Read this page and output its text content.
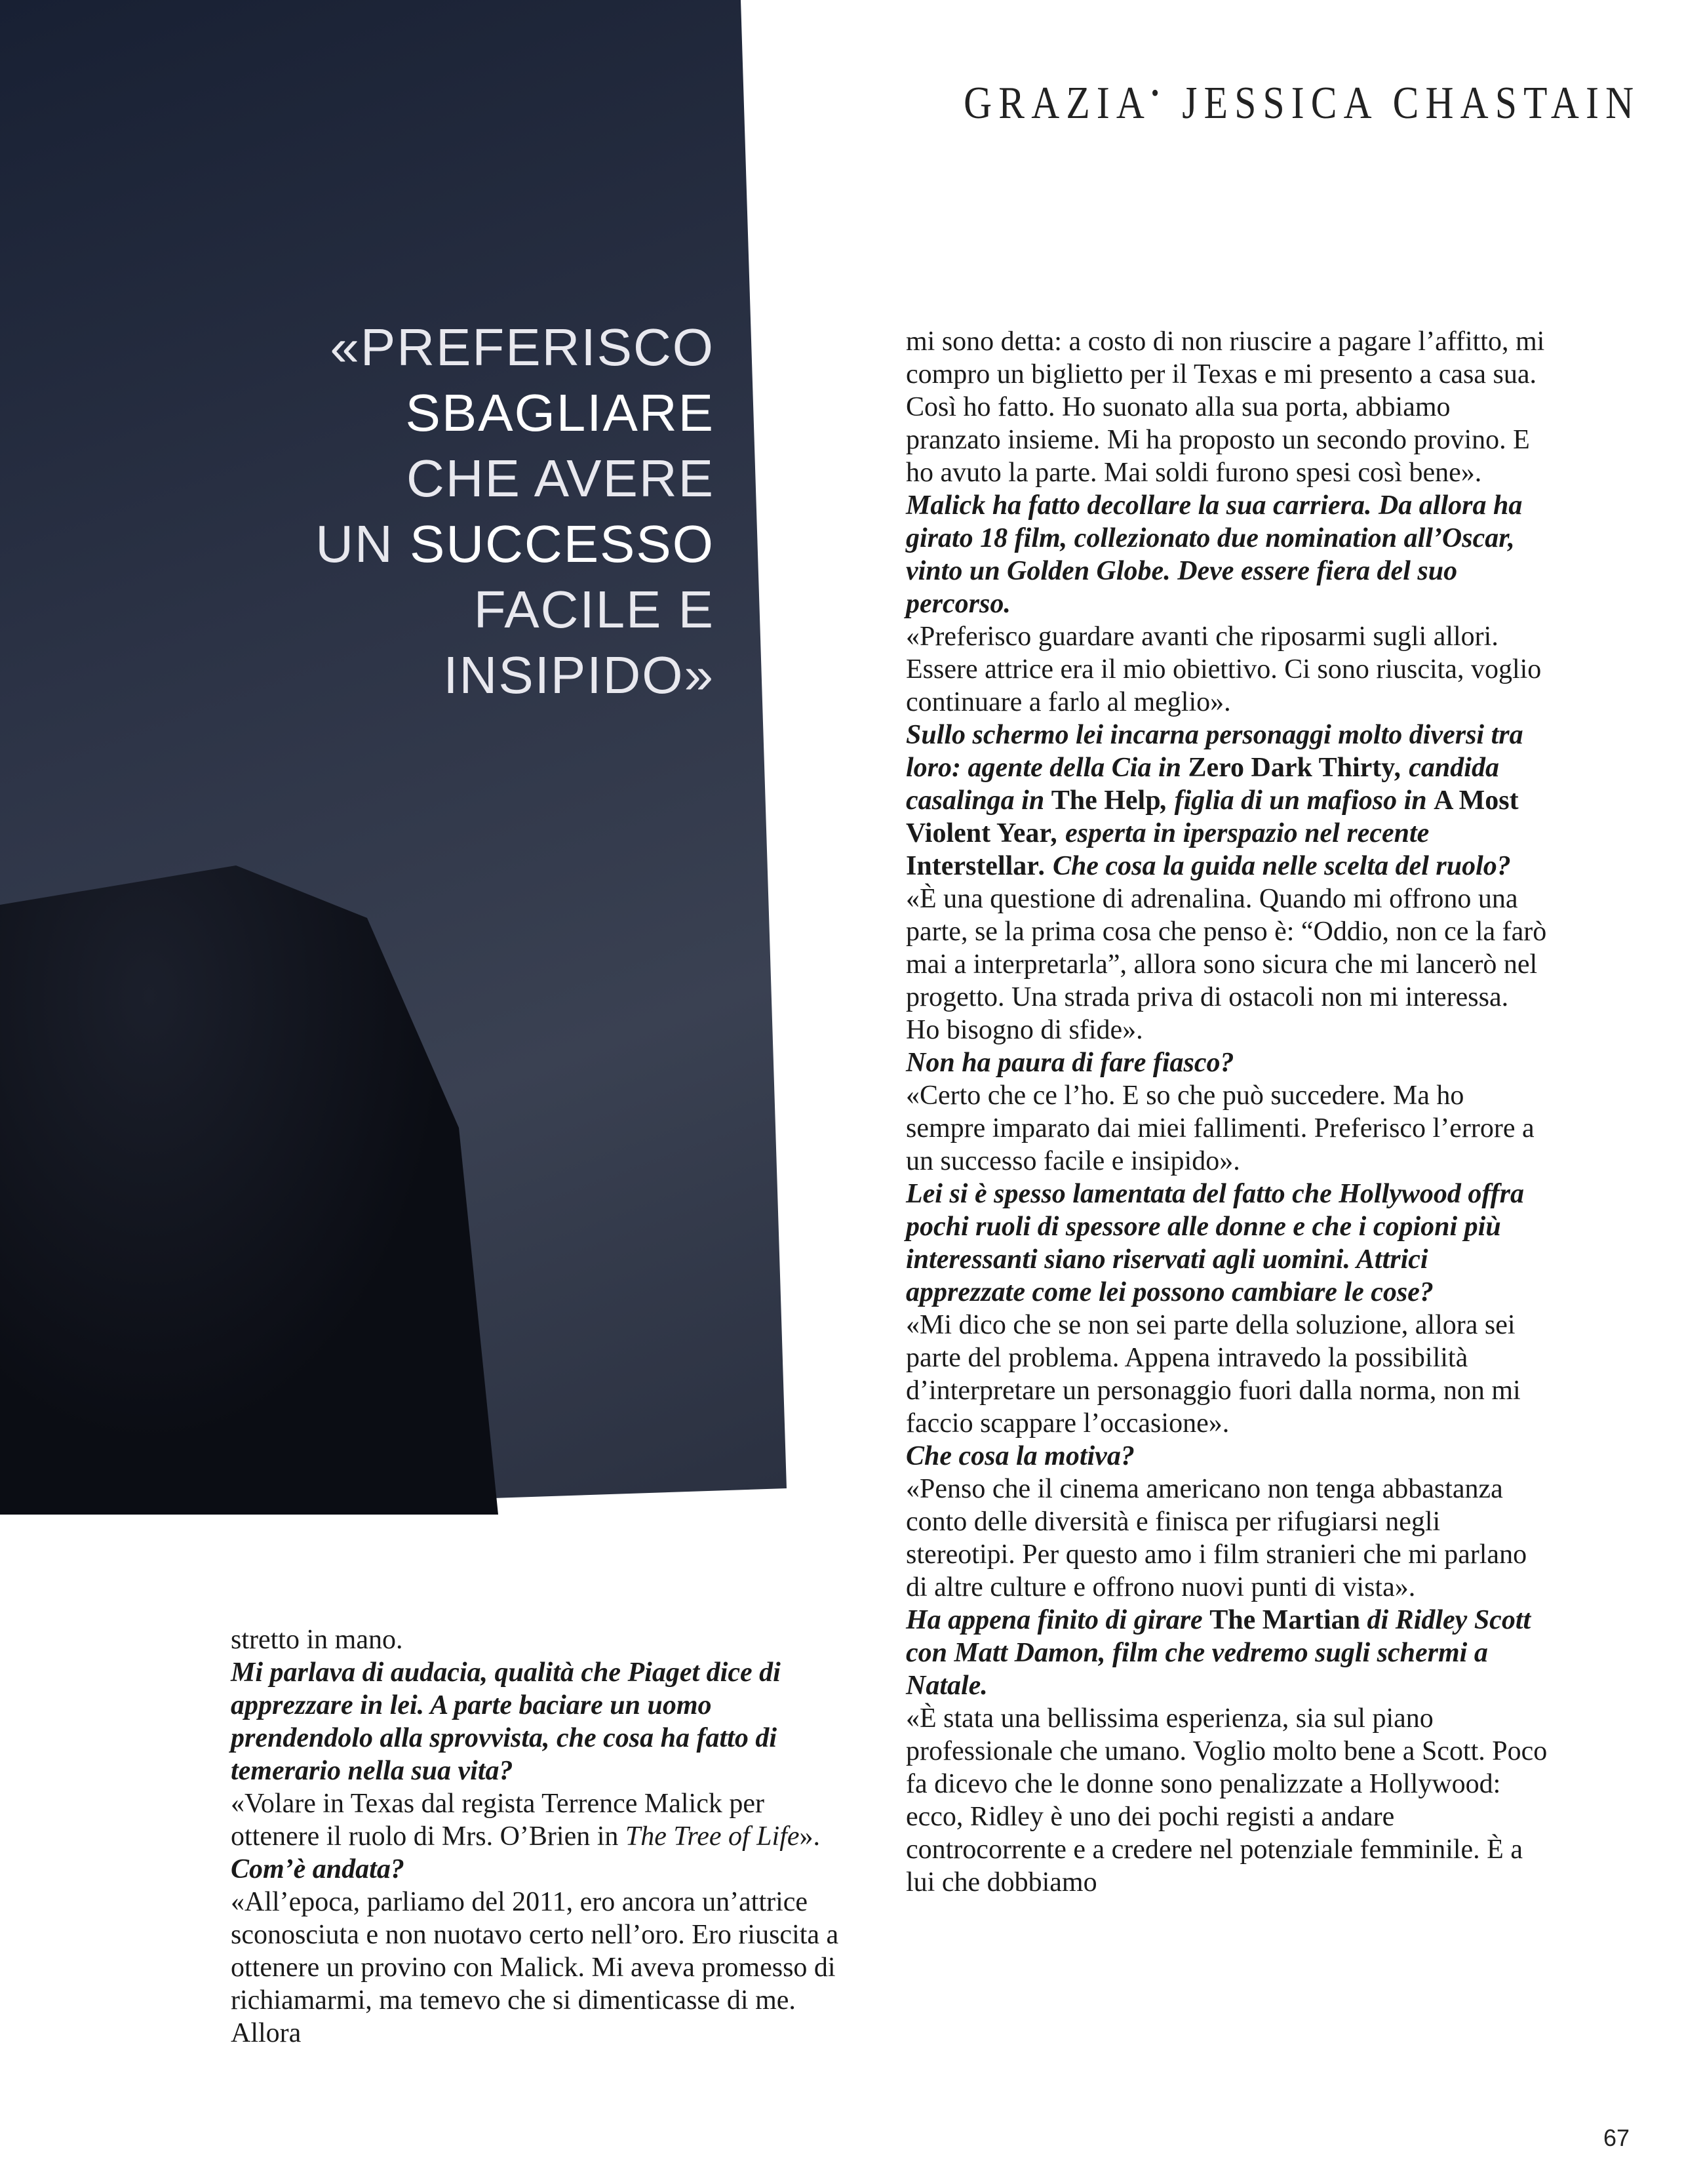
GRAZIA• JESSICA CHASTAIN
«PREFERISCO
SBAGLIARE
CHE AVERE
UN SUCCESSO
FACILE E
INSIPIDO»

stretto in mano.

Mi parlava di audacia, qualità che Piaget dice di apprezzare in lei. A parte baciare un uomo prendendolo alla sprovvista, che cosa ha fatto di temerario nella sua vita?

«Volare in Texas dal regista Terrence Malick per ottenere il ruolo di Mrs. O’Brien in The Tree of Life».

Com’è andata?

«All’epoca, parliamo del 2011, ero ancora un’attrice sconosciuta e non nuotavo certo nell’oro. Ero riuscita a ottenere un provino con Malick. Mi aveva promesso di richiamarmi, ma temevo che si dimenticasse di me. Allora

mi sono detta: a costo di non riuscire a pagare l’affitto, mi compro un biglietto per il Texas e mi presento a casa sua. Così ho fatto. Ho suonato alla sua porta, abbiamo pranzato insieme. Mi ha proposto un secondo provino. E ho avuto la parte. Mai soldi furono spesi così bene».

Malick ha fatto decollare la sua carriera. Da allora ha girato 18 film, collezionato due nomination all’Oscar, vinto un Golden Globe. Deve essere fiera del suo percorso.

«Preferisco guardare avanti che riposarmi sugli allori. Essere attrice era il mio obiettivo. Ci sono riuscita, voglio continuare a farlo al meglio».

Sullo schermo lei incarna personaggi molto diversi tra loro: agente della Cia in Zero Dark Thirty, candida casalinga in The Help, figlia di un mafioso in A Most Violent Year, esperta in iperspazio nel recente Interstellar. Che cosa la guida nelle scelta del ruolo?

«È una questione di adrenalina. Quando mi offrono una parte, se la prima cosa che penso è: “Oddio, non ce la farò mai a interpretarla”, allora sono sicura che mi lancerò nel progetto. Una strada priva di ostacoli non mi interessa. Ho bisogno di sfide».

Non ha paura di fare fiasco?

«Certo che ce l’ho. E so che può succedere. Ma ho sempre imparato dai miei fallimenti. Preferisco l’errore a un successo facile e insipido».

Lei si è spesso lamentata del fatto che Hollywood offra pochi ruoli di spessore alle donne e che i copioni più interessanti siano riservati agli uomini. Attrici apprezzate come lei possono cambiare le cose?

«Mi dico che se non sei parte della soluzione, allora sei parte del problema. Appena intravedo la possibilità d’interpretare un personaggio fuori dalla norma, non mi faccio scappare l’occasione».

Che cosa la motiva?

«Penso che il cinema americano non tenga abbastanza conto delle diversità e finisca per rifugiarsi negli stereotipi. Per questo amo i film stranieri che mi parlano di altre culture e offrono nuovi punti di vista».

Ha appena finito di girare The Martian di Ridley Scott con Matt Damon, film che vedremo sugli schermi a Natale.

«È stata una bellissima esperienza, sia sul piano professionale che umano. Voglio molto bene a Scott. Poco fa dicevo che le donne sono penalizzate a Hollywood: ecco, Ridley è uno dei pochi registi a andare controcorrente e a credere nel potenziale femminile. È a lui che dobbiamo

67
